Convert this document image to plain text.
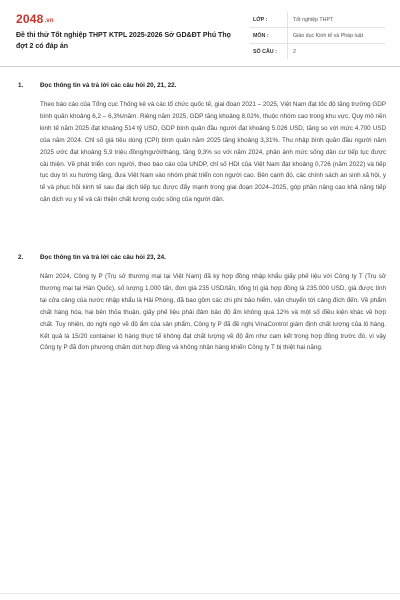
2048.vn
Đề thi thử Tốt nghiệp THPT KTPL 2025-2026 Sở GD&ĐT Phú Thọ đợt 2 có đáp án
LỚP :	Tốt nghiệp THPT
MÔN :	Giáo dục Kinh tế và Pháp luật
SỐ CÂU :	2
1.	Đọc thông tin và trả lời các câu hỏi 20, 21, 22.
Theo báo cáo của Tổng cục Thống kê và các tổ chức quốc tế, giai đoạn 2021 – 2025, Việt Nam đạt tốc độ tăng trưởng GDP bình quân khoảng 6,2 – 6,3%/năm. Riêng năm 2025, GDP tăng khoảng 8,02%, thuộc nhóm cao trong khu vực. Quy mô nền kinh tế năm 2025 đạt khoảng 514 tỷ USD, GDP bình quân đầu người đạt khoảng 5.026 USD, tăng so với mức 4.700 USD của năm 2024. Chỉ số giá tiêu dùng (CPI) bình quân năm 2025 tăng khoảng 3,31%. Thu nhập bình quân đầu người năm 2025 ước đạt khoảng 5,9 triệu đồng/người/tháng, tăng 9,3% so với năm 2024, phản ánh mức sống dân cư tiếp tục được cải thiện. Về phát triển con người, theo báo cáo của UNDP, chỉ số HDI của Việt Nam đạt khoảng 0,726 (năm 2022) và tiếp tục duy trì xu hướng tăng, đưa Việt Nam vào nhóm phát triển con người cao. Bên cạnh đó, các chính sách an sinh xã hội, y tế và phục hồi kinh tế sau đại dịch tiếp tục được đẩy mạnh trong giai đoạn 2024–2025, góp phần nâng cao khả năng tiếp cận dịch vụ y tế và cải thiện chất lượng cuộc sống của người dân.
2.	Đọc thông tin và trả lời các câu hỏi 23, 24.
Năm 2024, Công ty P (Trụ sở thương mại tại Việt Nam) đã ký hợp đồng nhập khẩu giấy phế liệu với Công ty T (Trụ sở thương mại tại Hàn Quốc), số lượng 1.000 tấn, đơn giá 235 USD/tấn, tổng trị giá hợp đồng là 235.000 USD, giá được tính tại cửa cảng của nước nhập khẩu là Hải Phòng, đã bao gồm các chi phí bảo hiểm, vận chuyển tới cảng đích đến. Về phẩm chất hàng hóa, hai bên thỏa thuận, giấy phế liệu phải đảm bảo độ ẩm không quá 12% và một số điều kiện khác về hợp chất. Tuy nhiên, do nghi ngờ về độ ẩm của sản phẩm, Công ty P đã đề nghị VinaControl giám định chất lượng của lô hàng. Kết quả là 15/20 container lô hàng thực tế không đạt chất lượng về độ ẩm như cam kết trong hợp đồng trước đó, vì vậy Công ty P đã đơn phương chấm dứt hợp đồng và không nhận hàng khiến Công ty T bị thiệt hại nặng.
